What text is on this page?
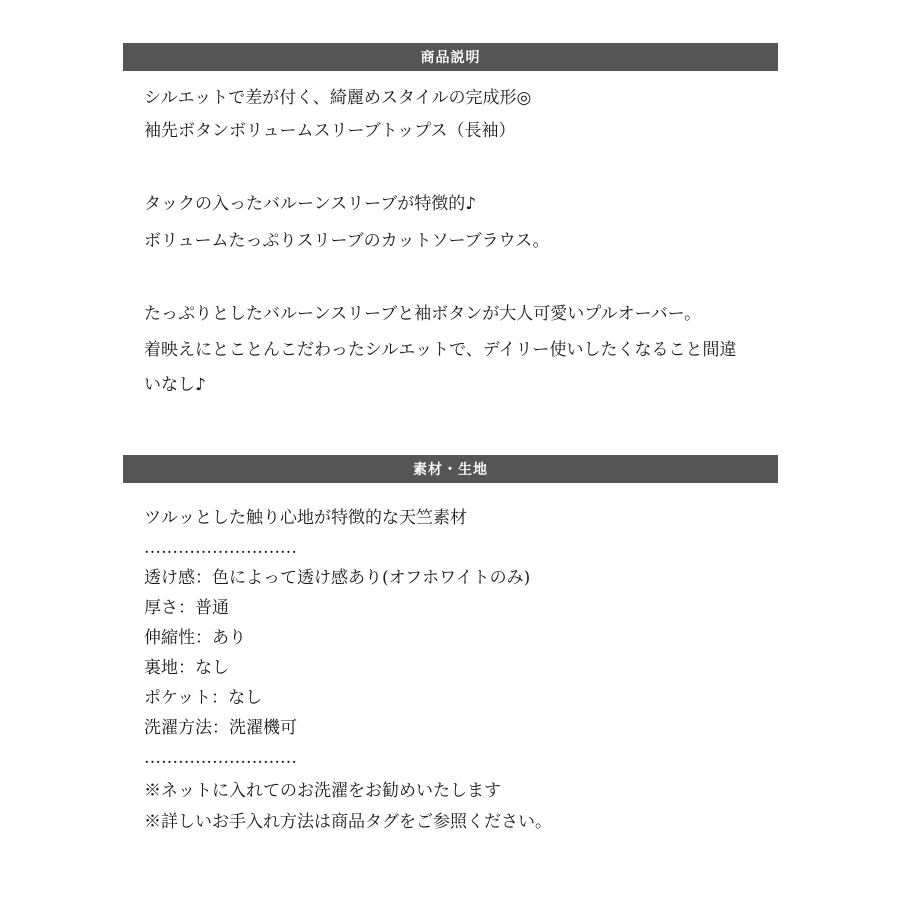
商品説明
シルエットで差が付く、綺麗めスタイルの完成形◎
袖先ボタンボリュームスリーブトップス（長袖）
タックの入ったバルーンスリーブが特徴的♪
ボリュームたっぷりスリーブのカットソーブラウス。
たっぷりとしたバルーンスリーブと袖ボタンが大人可愛いプルオーバー。
着映えにとことんこだわったシルエットで、デイリー使いしたくなること間違
いなし♪
素材・生地
ツルッとした触り心地が特徴的な天竺素材
………………………
透け感：色によって透け感あり(オフホワイトのみ)
厚さ：普通
伸縮性：あり
裏地：なし
ポケット：なし
洗濯方法：洗濯機可
………………………
※ネットに入れてのお洗濯をお勧めいたします
※詳しいお手入れ方法は商品タグをご参照ください。
